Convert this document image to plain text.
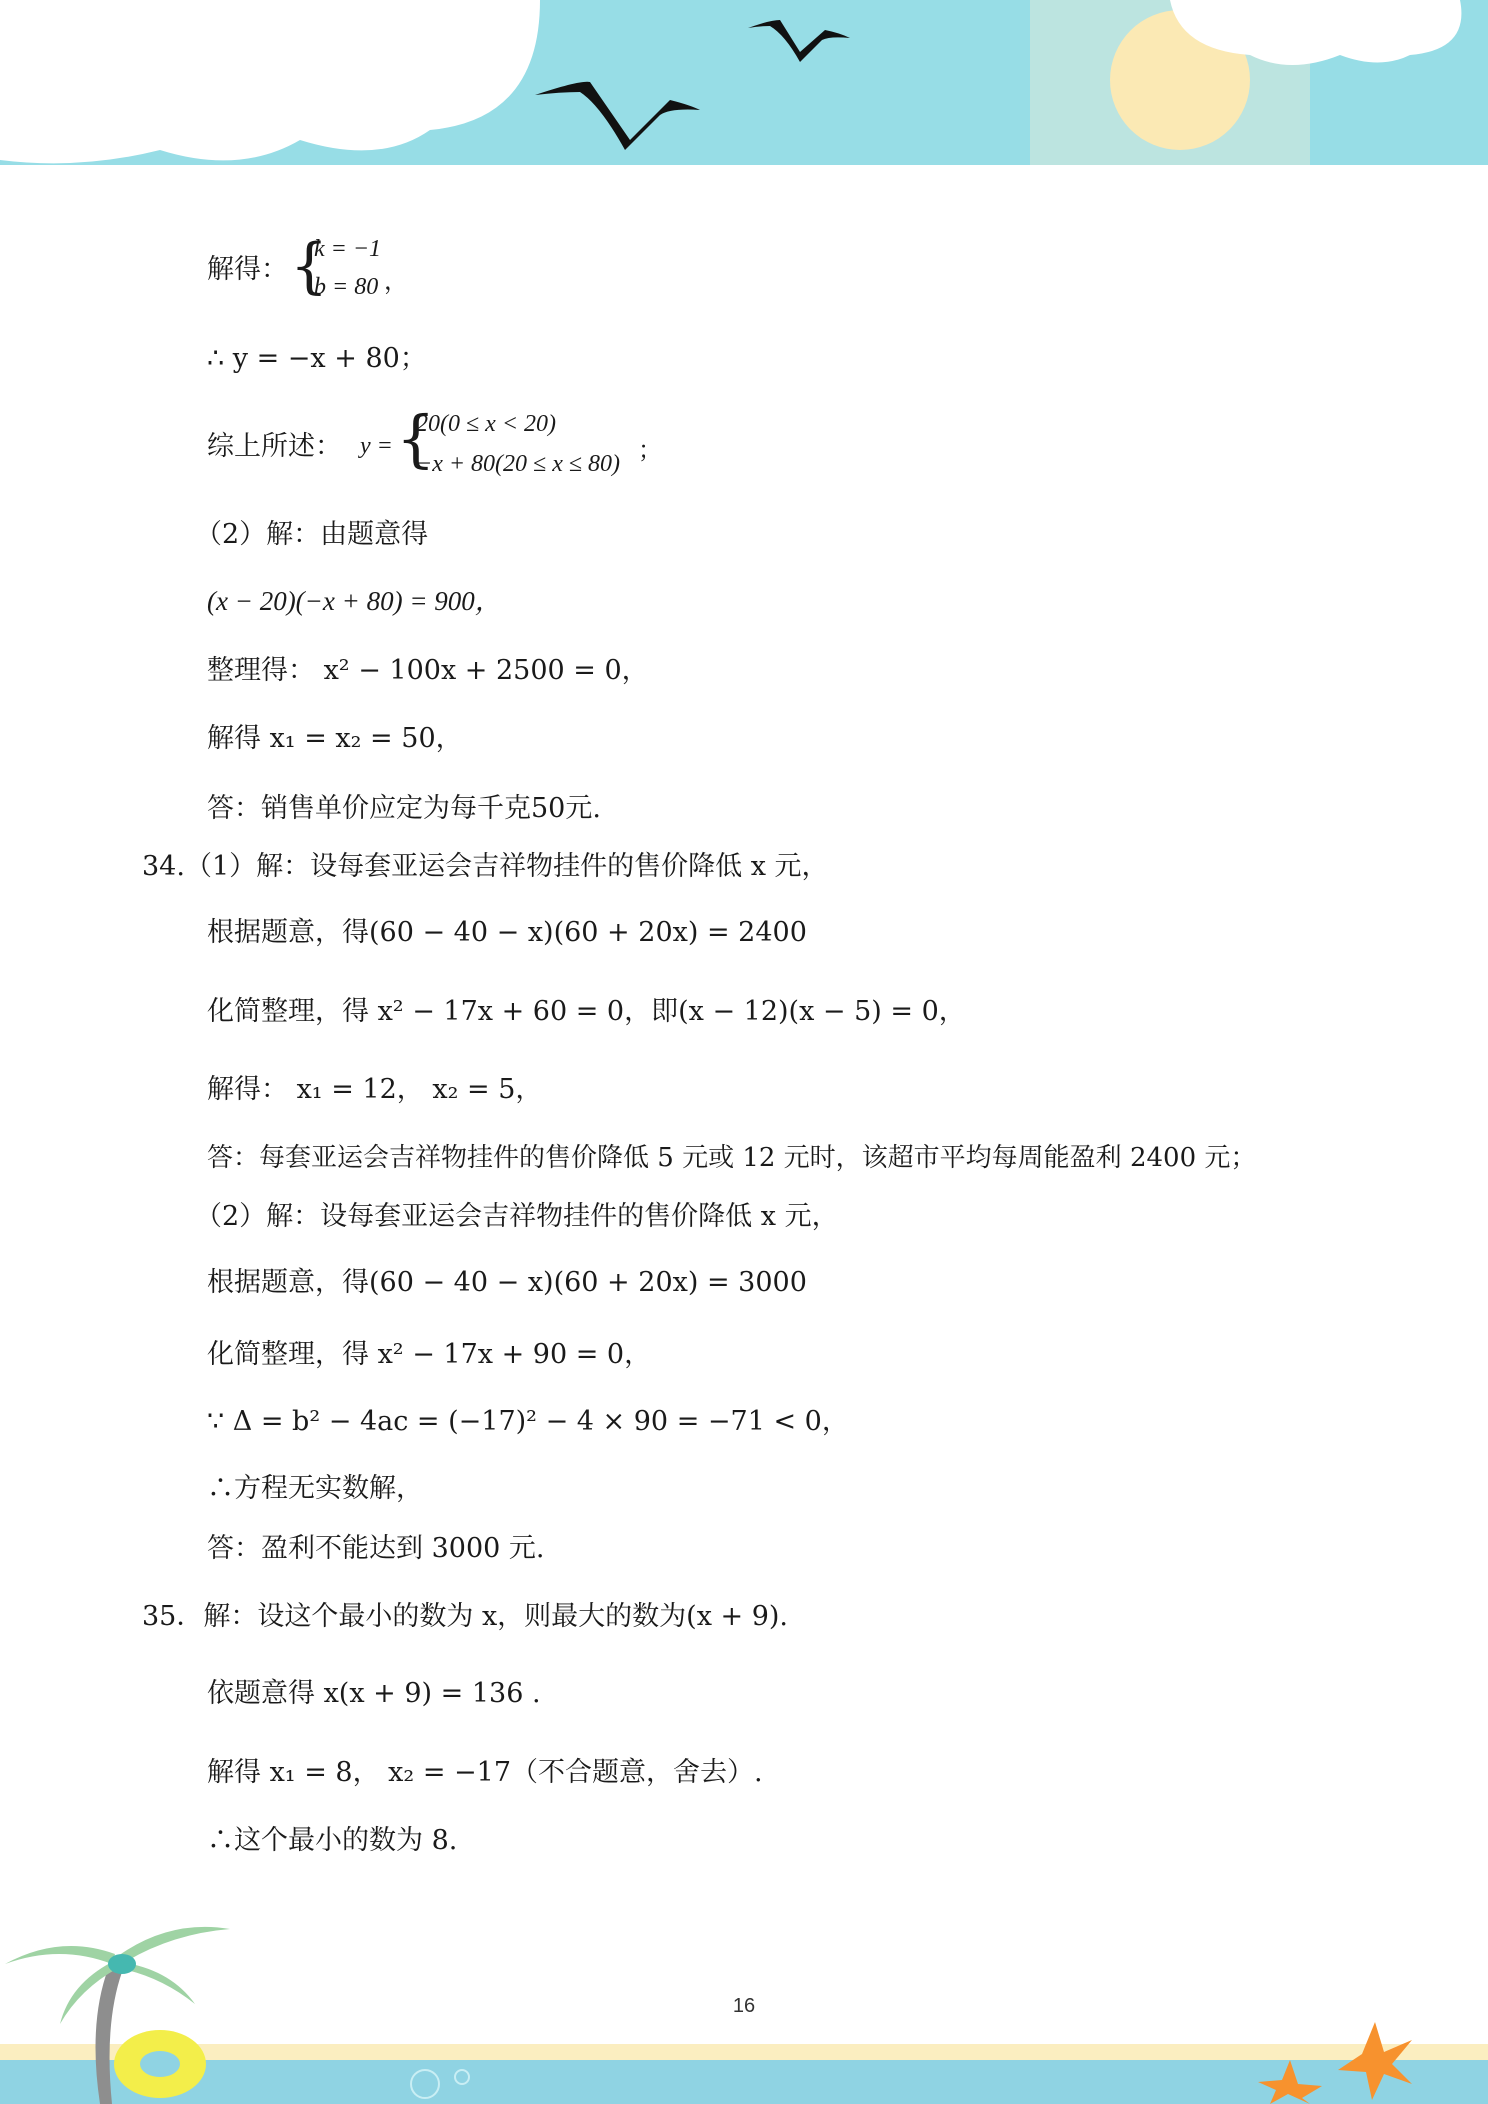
解得： {
k = −1
b = 80 ，
∴ y = −x + 80；
综上所述： y = {
20(0 ≤ x < 20)
−x + 80(20 ≤ x ≤ 80) ；
（2）解：由题意得
(x − 20)(−x + 80) = 900，
整理得： x² − 100x + 2500 = 0，
解得 x₁ = x₂ = 50，
答：销售单价应定为每千克50元.
34.（1）解：设每套亚运会吉祥物挂件的售价降低 x 元，
根据题意，得(60 − 40 − x)(60 + 20x) = 2400
化简整理，得 x² − 17x + 60 = 0，即(x − 12)(x − 5) = 0，
解得： x₁ = 12， x₂ = 5，
答：每套亚运会吉祥物挂件的售价降低 5 元或 12 元时，该超市平均每周能盈利 2400 元；
（2）解：设每套亚运会吉祥物挂件的售价降低 x 元，
根据题意，得(60 − 40 − x)(60 + 20x) = 3000
化简整理，得 x² − 17x + 90 = 0，
∵ Δ = b² − 4ac = (−17)² − 4 × 90 = −71 < 0，
∴方程无实数解，
答：盈利不能达到 3000 元.
35．解：设这个最小的数为 x，则最大的数为(x + 9).
依题意得 x(x + 9) = 136 .
解得 x₁ = 8， x₂ = −17（不合题意，舍去）.
∴这个最小的数为 8.
16
